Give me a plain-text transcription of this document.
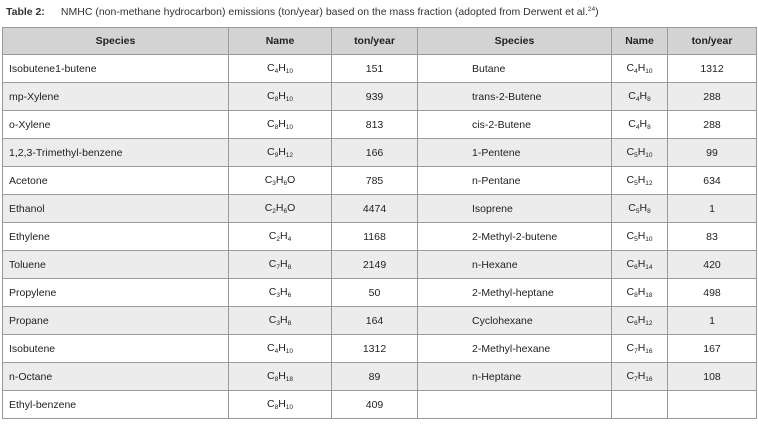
Table 2: NMHC (non-methane hydrocarbon) emissions (ton/year) based on the mass fraction (adopted from Derwent et al.$^{24}$)
Species	Name	ton/year	Species	Name	ton/year
Isobutene1-butene	$C_4H_{10}$	151	Butane	$C_4H_{10}$	1312
mp-Xylene	$C_8H_{10}$	939	trans-2-Butene	$C_4H_8$	288
o-Xylene	$C_8H_{10}$	813	cis-2-Butene	$C_4H_8$	288
1,2,3-Trimethyl-benzene	$C_9H_{12}$	166	1-Pentene	$C_5H_{10}$	99
Acetone	$C_3H_6O$	785	n-Pentane	$C_5H_{12}$	634
Ethanol	$C_2H_6O$	4474	Isoprene	$C_5H_8$	1
Ethylene	$C_2H_4$	1168	2-Methyl-2-butene	$C_5H_{10}$	83
Toluene	$C_7H_8$	2149	n-Hexane	$C_6H_{14}$	420
Propylene	$C_3H_6$	50	2-Methyl-heptane	$C_8H_{18}$	498
Propane	$C_3H_8$	164	Cyclohexane	$C_6H_{12}$	1
Isobutene	$C_4H_{10}$	1312	2-Methyl-hexane	$C_7H_{16}$	167
n-Octane	$C_8H_{18}$	89	n-Heptane	$C_7H_{16}$	108
Ethyl-benzene	$C_8H_{10}$	409			
